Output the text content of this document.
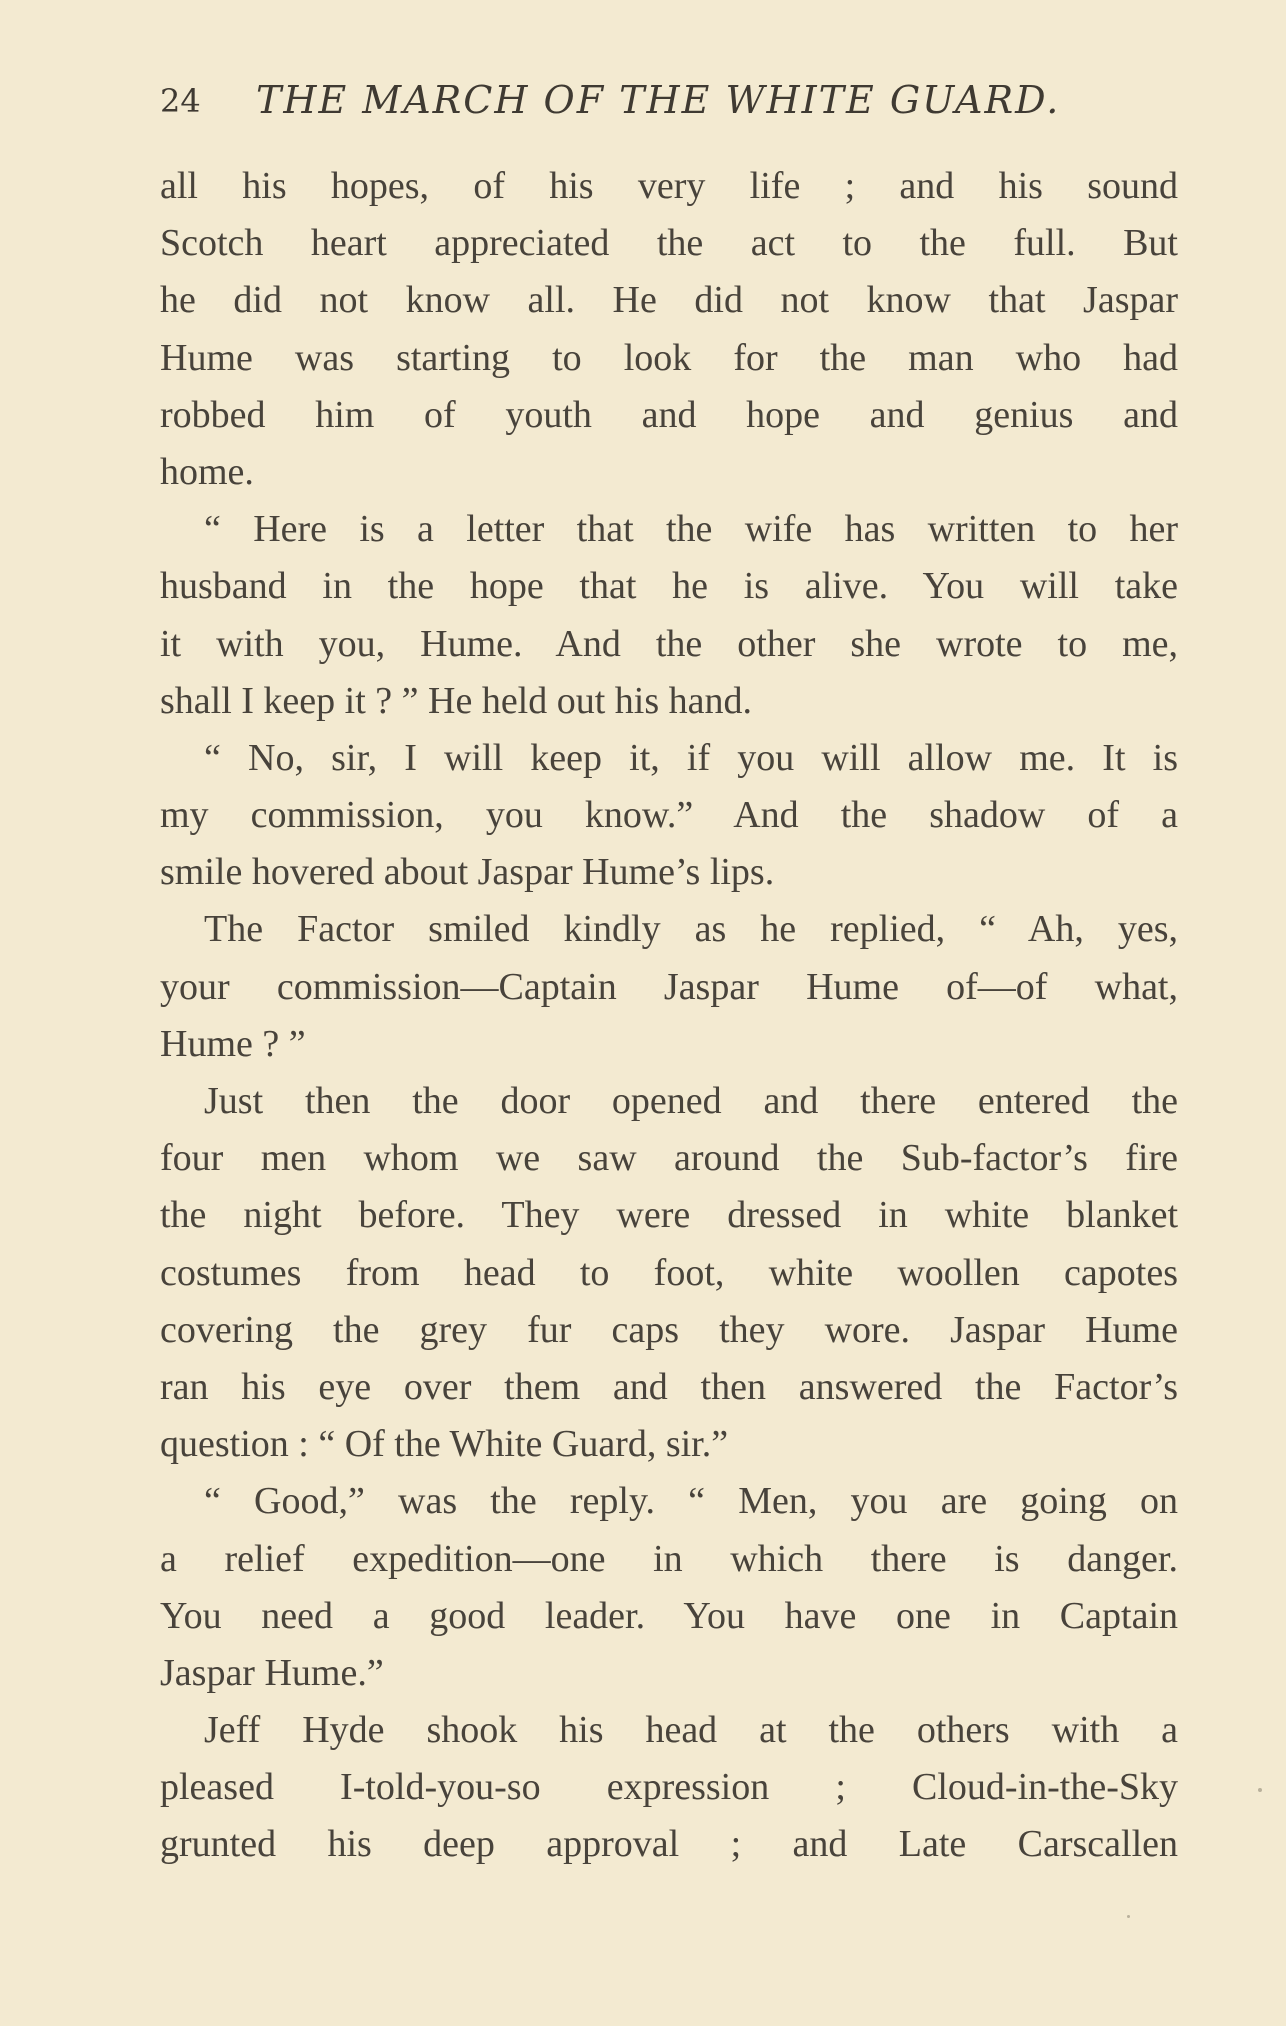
24 THE MARCH OF THE WHITE GUARD.
all his hopes, of his very life ; and his sound
Scotch heart appreciated the act to the full. But
he did not know all. He did not know that Jaspar
Hume was starting to look for the man who had
robbed him of youth and hope and genius and
home.
“ Here is a letter that the wife has written to her
husband in the hope that he is alive. You will take
it with you, Hume. And the other she wrote to me,
shall I keep it ? ” He held out his hand.
“ No, sir, I will keep it, if you will allow me. It is
my commission, you know.” And the shadow of a
smile hovered about Jaspar Hume’s lips.
The Factor smiled kindly as he replied, “ Ah, yes,
your commission—Captain Jaspar Hume of—of what,
Hume ? ”
Just then the door opened and there entered the
four men whom we saw around the Sub-factor’s fire
the night before. They were dressed in white blanket
costumes from head to foot, white woollen capotes
covering the grey fur caps they wore. Jaspar Hume
ran his eye over them and then answered the Factor’s
question : “ Of the White Guard, sir.”
“ Good,” was the reply. “ Men, you are going on
a relief expedition—one in which there is danger.
You need a good leader. You have one in Captain
Jaspar Hume.”
Jeff Hyde shook his head at the others with a
pleased I-told-you-so expression ; Cloud-in-the-Sky
grunted his deep approval ; and Late Carscallen
